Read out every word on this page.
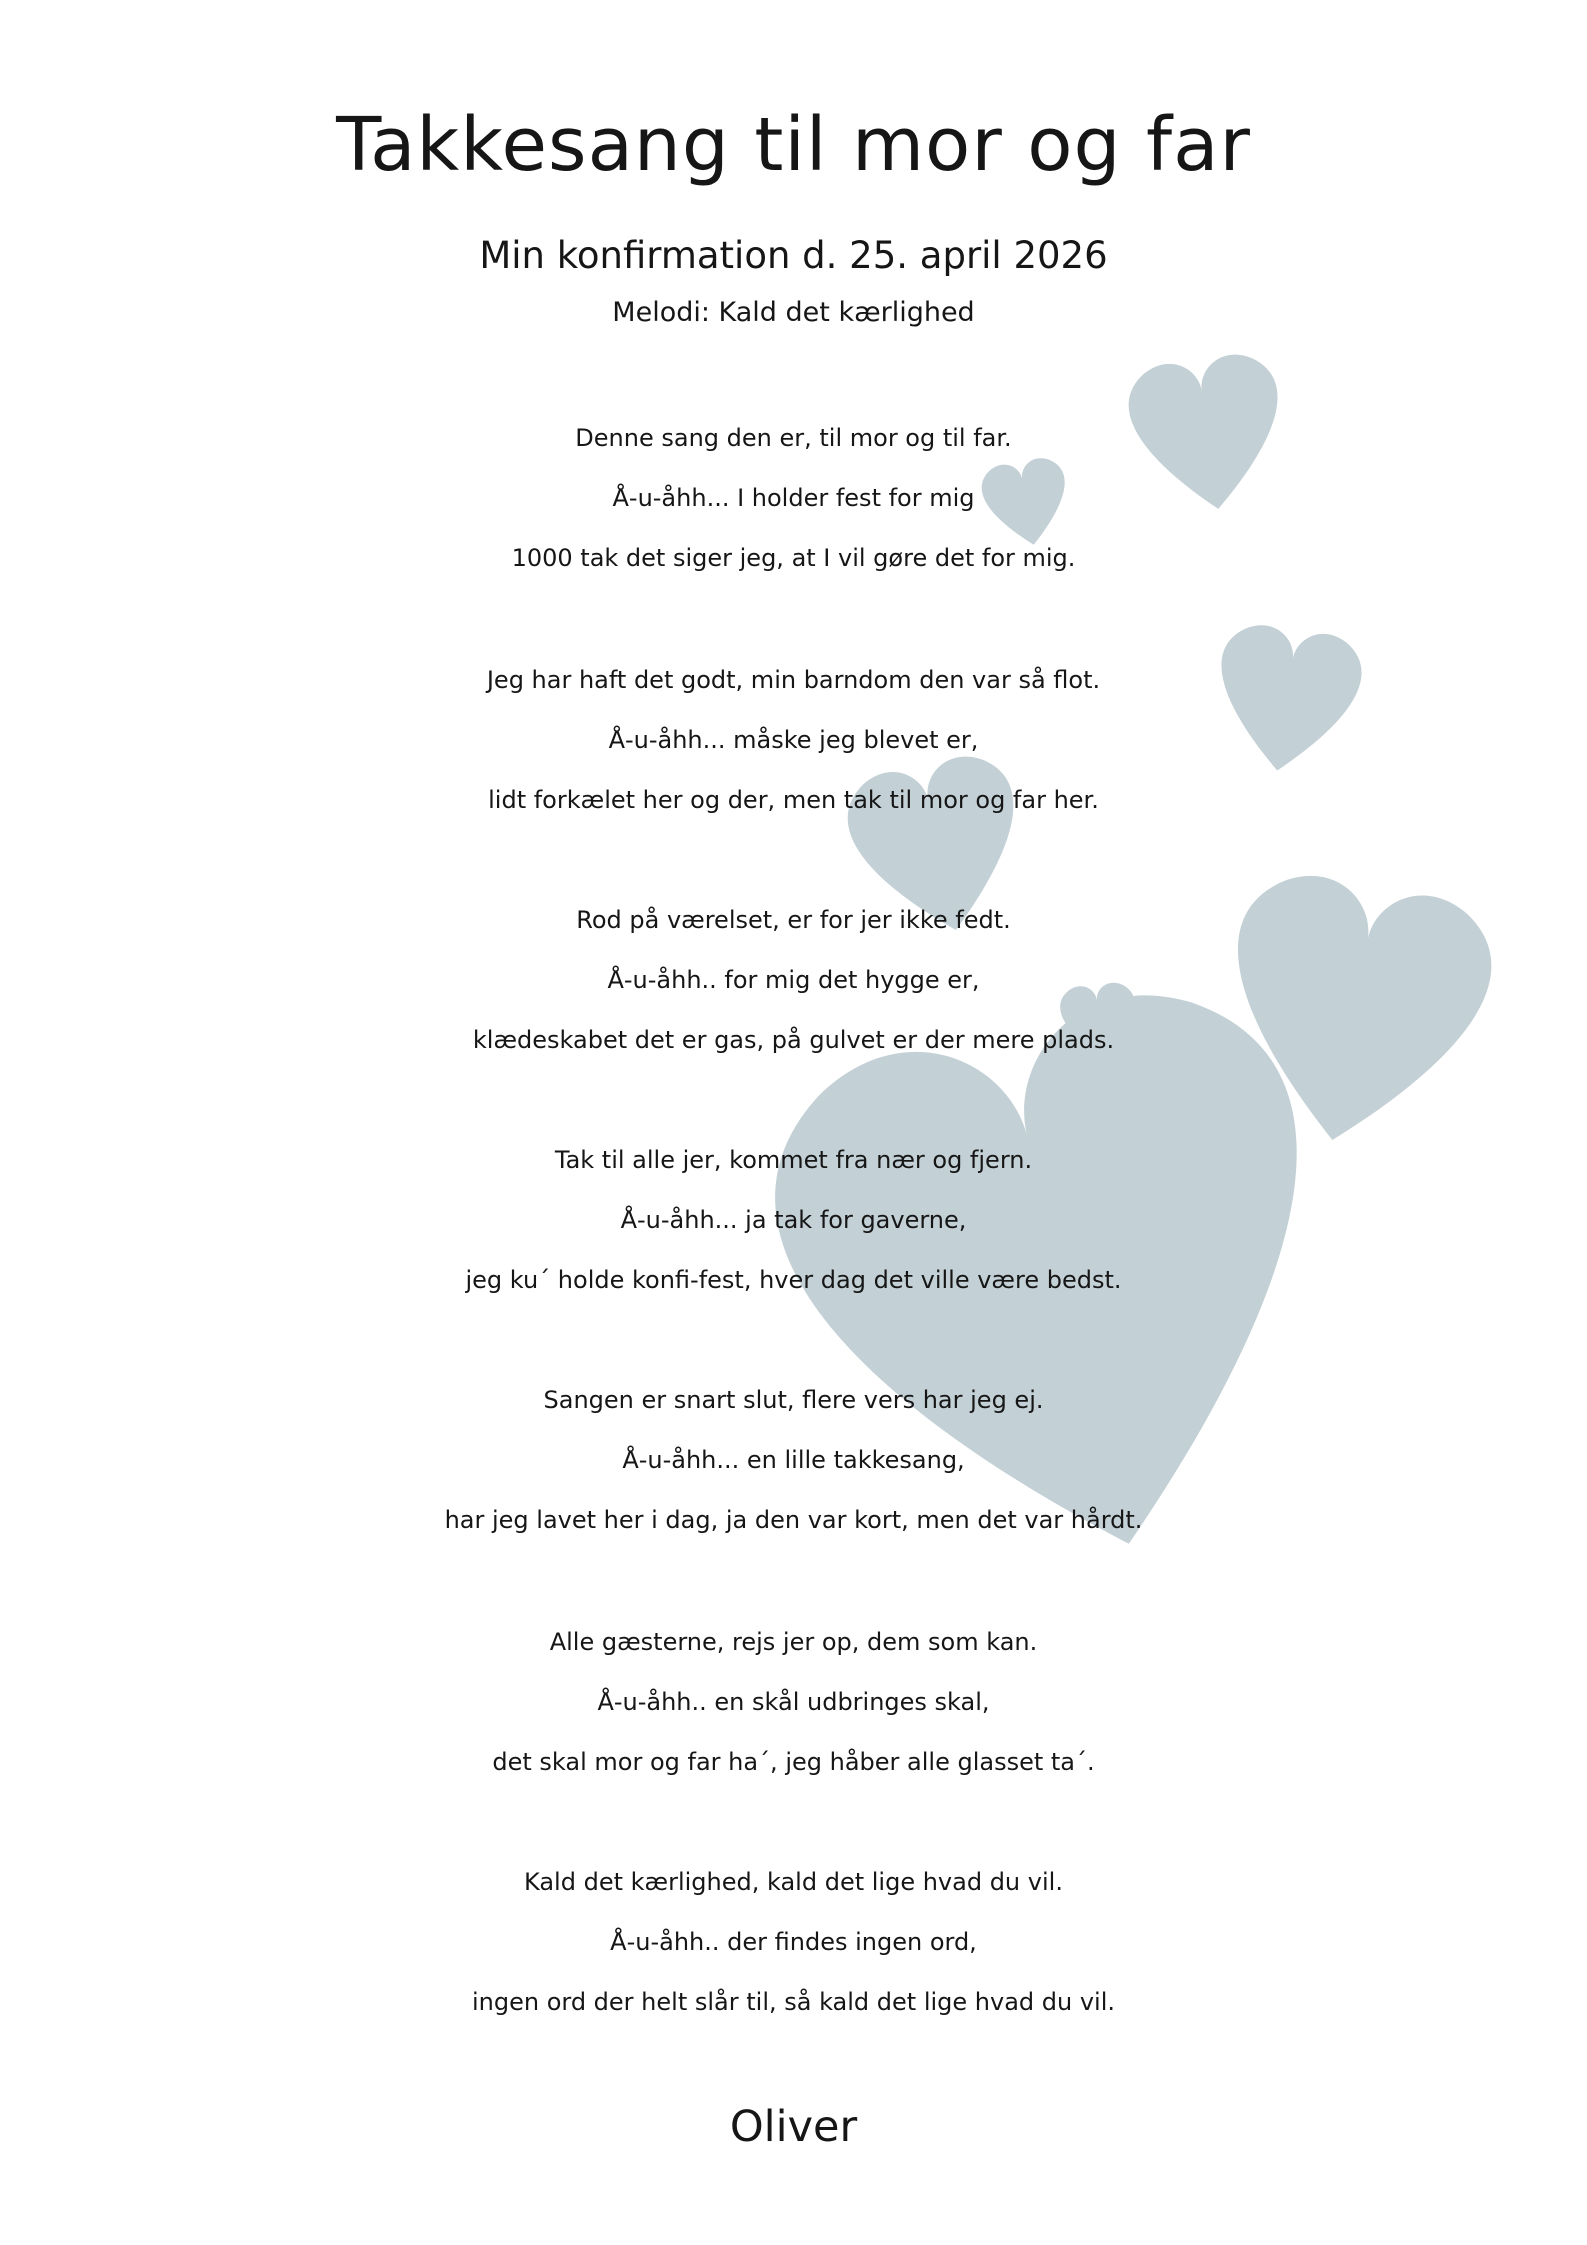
Takkesang til mor og far
Min konfirmation d. 25. april 2026
Melodi: Kald det kærlighed
Denne sang den er, til mor og til far.
Å-u-åhh... I holder fest for mig
1000 tak det siger jeg, at I vil gøre det for mig.
Jeg har haft det godt, min barndom den var så flot.
Å-u-åhh... måske jeg blevet er,
lidt forkælet her og der, men tak til mor og far her.
Rod på værelset, er for jer ikke fedt.
Å-u-åhh.. for mig det hygge er,
klædeskabet det er gas, på gulvet er der mere plads.
Tak til alle jer, kommet fra nær og fjern.
Å-u-åhh... ja tak for gaverne,
jeg ku´ holde konfi-fest, hver dag det ville være bedst.
Sangen er snart slut, flere vers har jeg ej.
Å-u-åhh... en lille takkesang,
har jeg lavet her i dag, ja den var kort, men det var hårdt.
Alle gæsterne, rejs jer op, dem som kan.
Å-u-åhh.. en skål udbringes skal,
det skal mor og far ha´, jeg håber alle glasset ta´.
Kald det kærlighed, kald det lige hvad du vil.
Å-u-åhh.. der findes ingen ord,
ingen ord der helt slår til, så kald det lige hvad du vil.
Oliver
